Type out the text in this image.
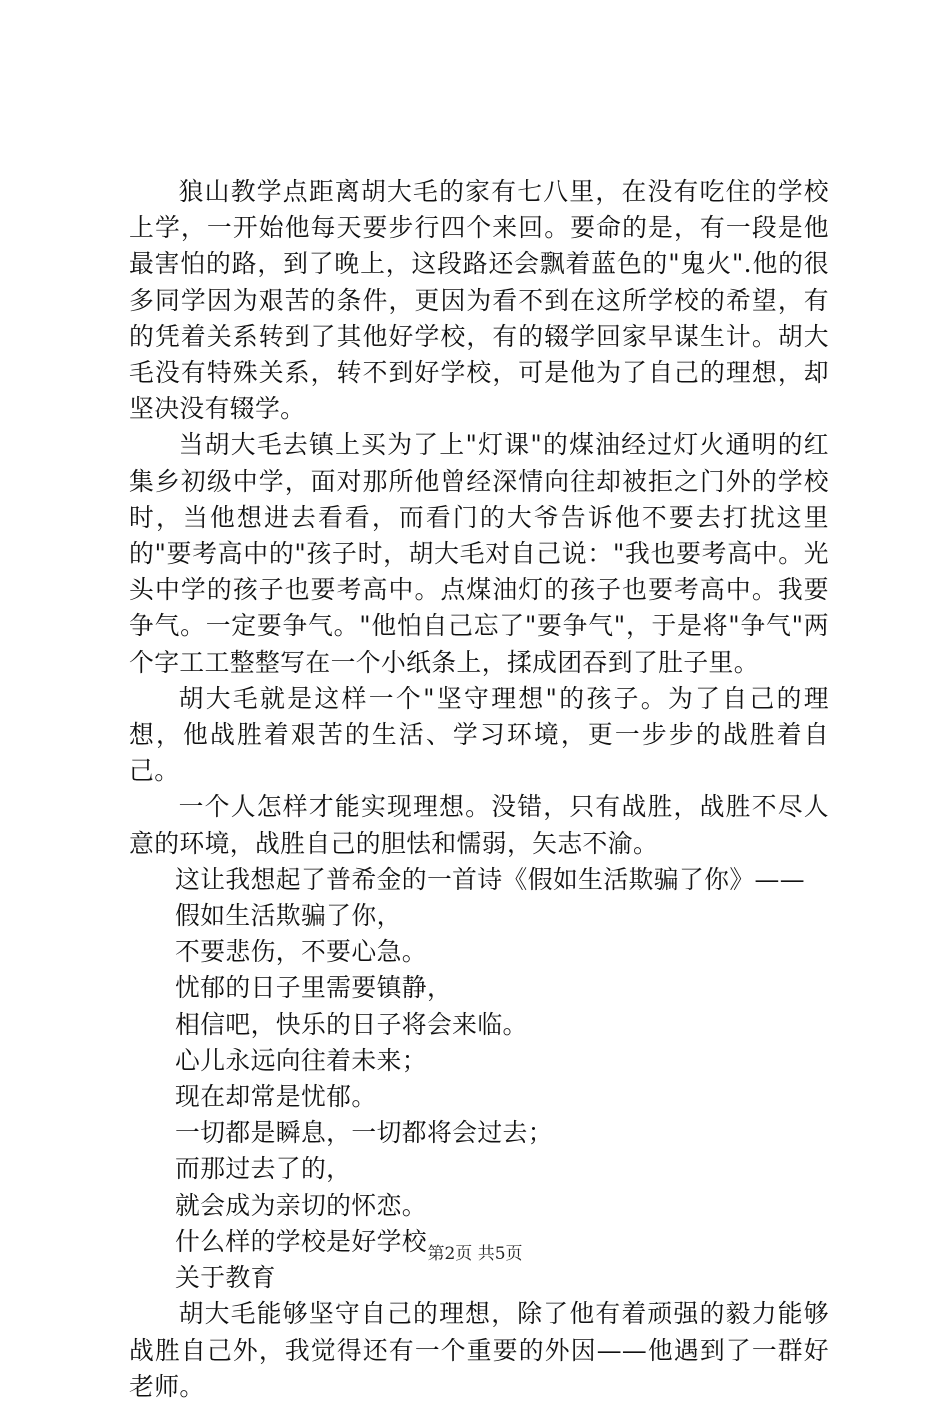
狼山教学点距离胡大毛的家有七八里，在没有吃住的学校上学，一开始他每天要步行四个来回。要命的是，有一段是他最害怕的路，到了晚上，这段路还会飘着蓝色的"鬼火".他的很多同学因为艰苦的条件，更因为看不到在这所学校的希望，有的凭着关系转到了其他好学校，有的辍学回家早谋生计。胡大毛没有特殊关系，转不到好学校，可是他为了自己的理想，却坚决没有辍学。

当胡大毛去镇上买为了上"灯课"的煤油经过灯火通明的红集乡初级中学，面对那所他曾经深情向往却被拒之门外的学校时，当他想进去看看，而看门的大爷告诉他不要去打扰这里的"要考高中的"孩子时，胡大毛对自己说："我也要考高中。光头中学的孩子也要考高中。点煤油灯的孩子也要考高中。我要争气。一定要争气。"他怕自己忘了"要争气"，于是将"争气"两个字工工整整写在一个小纸条上，揉成团吞到了肚子里。

胡大毛就是这样一个"坚守理想"的孩子。为了自己的理想，他战胜着艰苦的生活、学习环境，更一步步的战胜着自己。

一个人怎样才能实现理想。没错，只有战胜，战胜不尽人意的环境，战胜自己的胆怯和懦弱，矢志不渝。

这让我想起了普希金的一首诗《假如生活欺骗了你》——

假如生活欺骗了你，

不要悲伤，不要心急。

忧郁的日子里需要镇静，

相信吧，快乐的日子将会来临。

心儿永远向往着未来；

现在却常是忧郁。

一切都是瞬息，一切都将会过去；

而那过去了的，

就会成为亲切的怀恋。

什么样的学校是好学校

关于教育

胡大毛能够坚守自己的理想，除了他有着顽强的毅力能够战胜自己外，我觉得还有一个重要的外因——他遇到了一群好老师。

第2页 共5页
